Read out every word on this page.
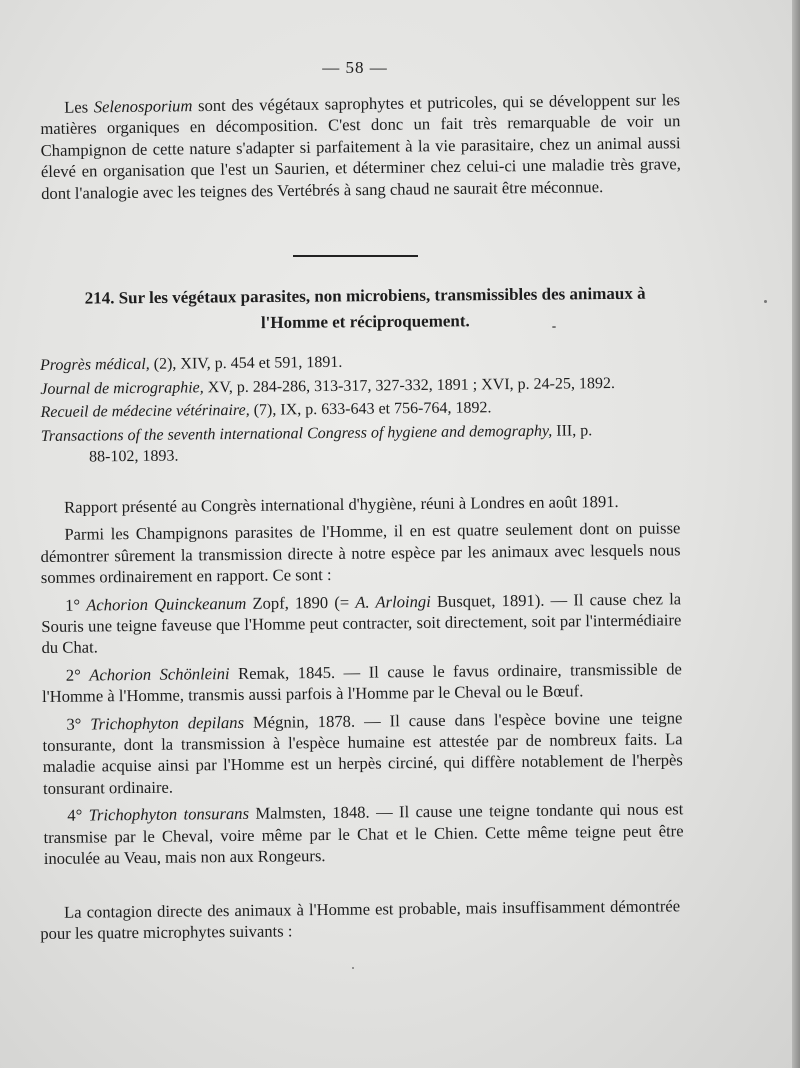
— 58 —

Les Selenosporium sont des végétaux saprophytes et putricoles, qui se développent sur les matières organiques en décomposition. C'est donc un fait très remarquable de voir un Champignon de cette nature s'adapter si parfaitement à la vie parasitaire, chez un animal aussi élevé en organisation que l'est un Saurien, et déterminer chez celui-ci une maladie très grave, dont l'analogie avec les teignes des Vertébrés à sang chaud ne saurait être méconnue.

214. Sur les végétaux parasites, non microbiens, transmissibles des animaux à
l'Homme et réciproquement.
Progrès médical, (2), XIV, p. 454 et 591, 1891.
Journal de micrographie, XV, p. 284-286, 313-317, 327-332, 1891 ; XVI, p. 24-25, 1892.
Recueil de médecine vétérinaire, (7), IX, p. 633-643 et 756-764, 1892.
Transactions of the seventh international Congress of hygiene and demography, III, p.
88-102, 1893.

Rapport présenté au Congrès international d'hygiène, réuni à Londres en août 1891.

Parmi les Champignons parasites de l'Homme, il en est quatre seulement dont on puisse démontrer sûrement la transmission directe à notre espèce par les animaux avec lesquels nous sommes ordinairement en rapport. Ce sont :

1° Achorion Quinckeanum Zopf, 1890 (= A. Arloingi Busquet, 1891). — Il cause chez la Souris une teigne faveuse que l'Homme peut contracter, soit directement, soit par l'intermédiaire du Chat.

2° Achorion Schönleini Remak, 1845. — Il cause le favus ordinaire, transmissible de l'Homme à l'Homme, transmis aussi parfois à l'Homme par le Cheval ou le Bœuf.

3° Trichophyton depilans Mégnin, 1878. — Il cause dans l'espèce bovine une teigne tonsurante, dont la transmission à l'espèce humaine est attestée par de nombreux faits. La maladie acquise ainsi par l'Homme est un herpès circiné, qui diffère notablement de l'herpès tonsurant ordinaire.

4° Trichophyton tonsurans Malmsten, 1848. — Il cause une teigne tondante qui nous est transmise par le Cheval, voire même par le Chat et le Chien. Cette même teigne peut être inoculée au Veau, mais non aux Rongeurs.

La contagion directe des animaux à l'Homme est probable, mais insuffisamment démontrée pour les quatre microphytes suivants :
